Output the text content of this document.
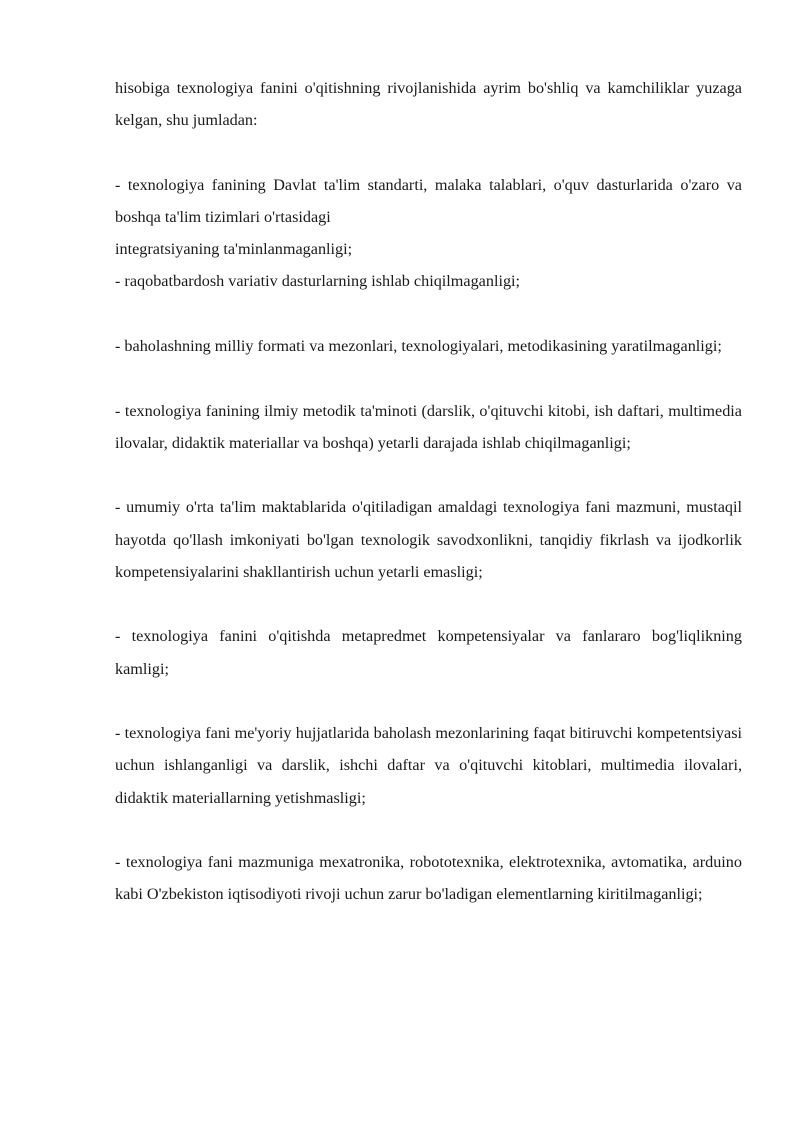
hisobiga texnologiya fanini o'qitishning rivojlanishida ayrim bo'shliq va kamchiliklar yuzaga kelgan, shu jumladan:

- texnologiya fanining Davlat ta'lim standarti, malaka talablari, o'quv dasturlarida o'zaro va boshqa ta'lim tizimlari o'rtasidagi

integratsiyaning ta'minlanmaganligi;

- raqobatbardosh variativ dasturlarning ishlab chiqilmaganligi;

- baholashning milliy formati va mezonlari, texnologiyalari, metodikasining yaratilmaganligi;

- texnologiya fanining ilmiy metodik ta'minoti (darslik, o'qituvchi kitobi, ish daftari, multimedia ilovalar, didaktik materiallar va boshqa) yetarli darajada ishlab chiqilmaganligi;

- umumiy o'rta ta'lim maktablarida o'qitiladigan amaldagi texnologiya fani mazmuni, mustaqil hayotda qo'llash imkoniyati bo'lgan texnologik savodxonlikni, tanqidiy fikrlash va ijodkorlik kompetensiyalarini shakllantirish uchun yetarli emasligi;

- texnologiya fanini o'qitishda metapredmet kompetensiyalar va fanlararo bog'liqlikning kamligi;

- texnologiya fani me'yoriy hujjatlarida baholash mezonlarining faqat bitiruvchi kompetentsiyasi uchun ishlanganligi va darslik, ishchi daftar va o'qituvchi kitoblari, multimedia ilovalari, didaktik materiallarning yetishmasligi;

- texnologiya fani mazmuniga mexatronika, robototexnika, elektrotexnika, avtomatika, arduino kabi O'zbekiston iqtisodiyoti rivoji uchun zarur bo'ladigan elementlarning kiritilmaganligi;
